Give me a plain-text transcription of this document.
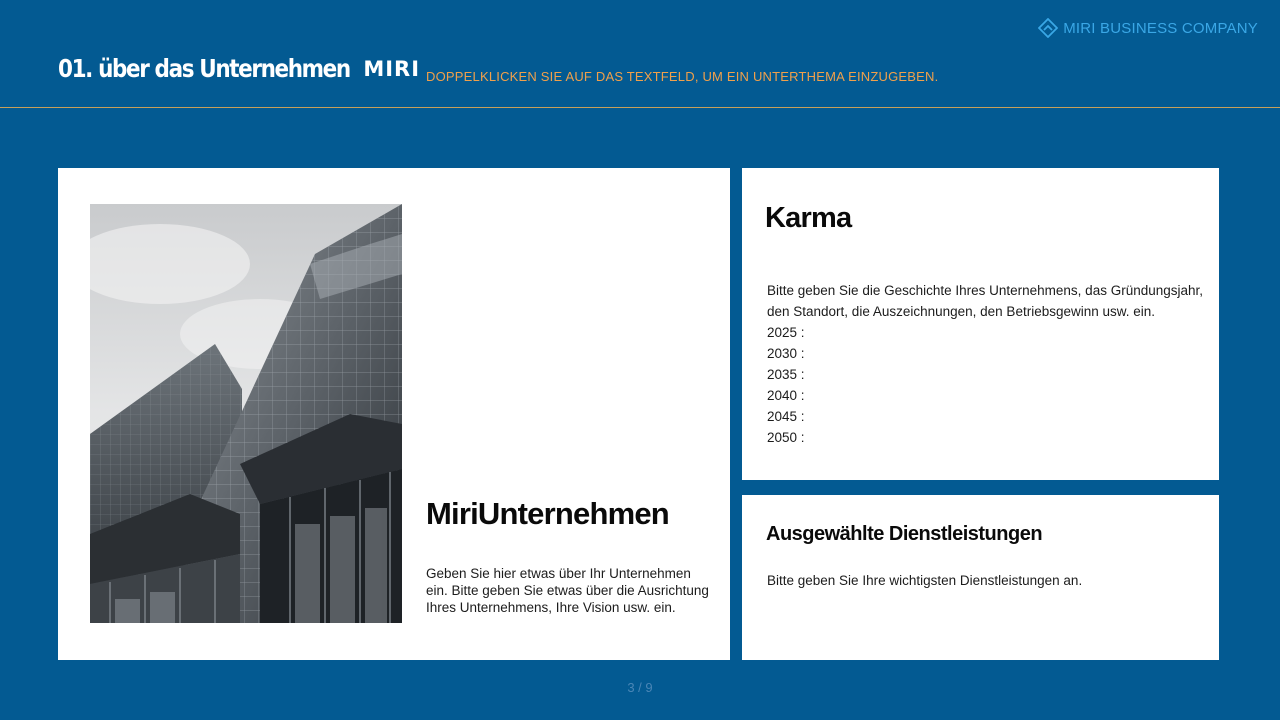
MIRI BUSINESS COMPANY
01. über das Unternehmen MIRI DOPPELKLICKEN SIE AUF DAS TEXTFELD, UM EIN UNTERTHEMA EINZUGEBEN.
MiriUnternehmen
Geben Sie hier etwas über Ihr Unternehmen ein. Bitte geben Sie etwas über die Ausrichtung Ihres Unternehmens, Ihre Vision usw. ein.
Karma

Bitte geben Sie die Geschichte Ihres Unternehmens, das Gründungsjahr, den Standort, die Auszeichnungen, den Betriebsgewinn usw. ein.

2025 :
2030 :
2035 :
2040 :
2045 :
2050 :
Ausgewählte Dienstleistungen
Bitte geben Sie Ihre wichtigsten Dienstleistungen an.
3 / 9
